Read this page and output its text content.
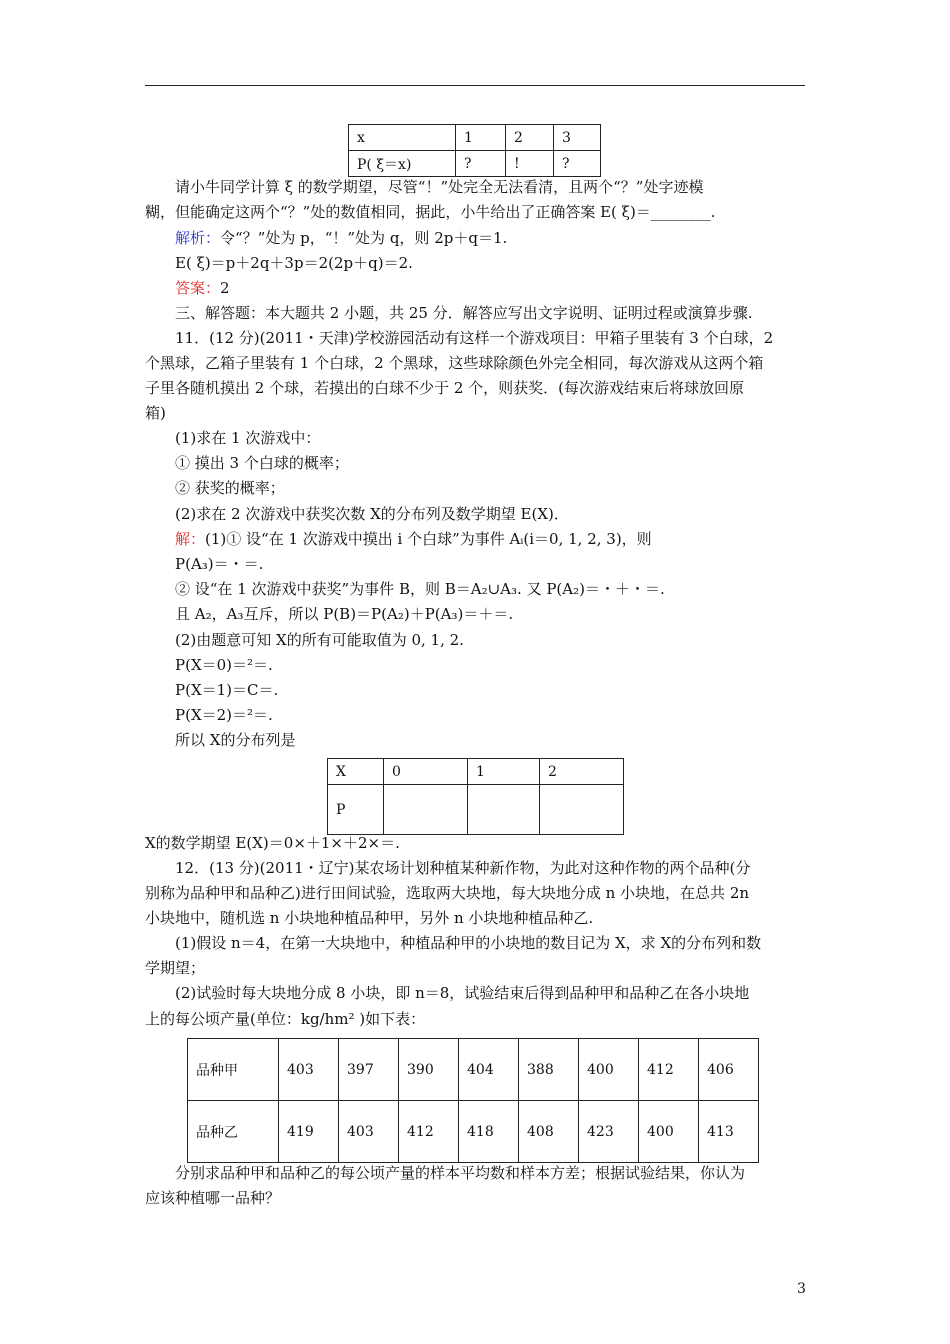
x	1	2	3
P( ξ＝x)	?	!	?
请小牛同学计算 ξ 的数学期望，尽管“！”处完全无法看清，且两个“？”处字迹模
糊，但能确定这两个“？”处的数值相同，据此，小牛给出了正确答案 E( ξ)＝________.
解析：令“？”处为 p，“！”处为 q，则 2p＋q＝1.
E( ξ)＝p＋2q＋3p＝2(2p＋q)＝2.
答案：2
三、解答题：本大题共 2 小题，共 25 分．解答应写出文字说明、证明过程或演算步骤.
11．(12 分)(2011・天津)学校游园活动有这样一个游戏项目：甲箱子里装有 3 个白球，2
个黑球，乙箱子里装有 1 个白球，2 个黑球，这些球除颜色外完全相同，每次游戏从这两个箱
子里各随机摸出 2 个球，若摸出的白球不少于 2 个，则获奖．(每次游戏结束后将球放回原
箱)
(1)求在 1 次游戏中：
① 摸出 3 个白球的概率；
② 获奖的概率；
(2)求在 2 次游戏中获奖次数 X的分布列及数学期望 E(X)．
解：(1)① 设“在 1 次游戏中摸出 i 个白球”为事件 Aᵢ(i＝0, 1, 2, 3)，则
P(A₃)＝・＝.
② 设“在 1 次游戏中获奖”为事件 B，则 B＝A₂∪A₃. 又 P(A₂)＝・＋・＝.
且 A₂，A₃互斥，所以 P(B)＝P(A₂)＋P(A₃)＝＋＝.
(2)由题意可知 X的所有可能取值为 0, 1, 2.
P(X＝0)＝²＝.
P(X＝1)＝C＝.
P(X＝2)＝²＝.
所以 X的分布列是
X	0	1	2
P			
X的数学期望 E(X)＝0×＋1×＋2×＝.
12．(13 分)(2011・辽宁)某农场计划种植某种新作物，为此对这种作物的两个品种(分
别称为品种甲和品种乙)进行田间试验，选取两大块地，每大块地分成 n 小块地，在总共 2n
小块地中，随机选 n 小块地种植品种甲，另外 n 小块地种植品种乙.
(1)假设 n＝4，在第一大块地中，种植品种甲的小块地的数目记为 X，求 X的分布列和数
学期望；
(2)试验时每大块地分成 8 小块，即 n＝8，试验结束后得到品种甲和品种乙在各小块地
上的每公顷产量(单位：kg/hm² )如下表：
品种甲	403	397	390	404	388	400	412	406
品种乙	419	403	412	418	408	423	400	413
分别求品种甲和品种乙的每公顷产量的样本平均数和样本方差；根据试验结果，你认为
应该种植哪一品种？
3
